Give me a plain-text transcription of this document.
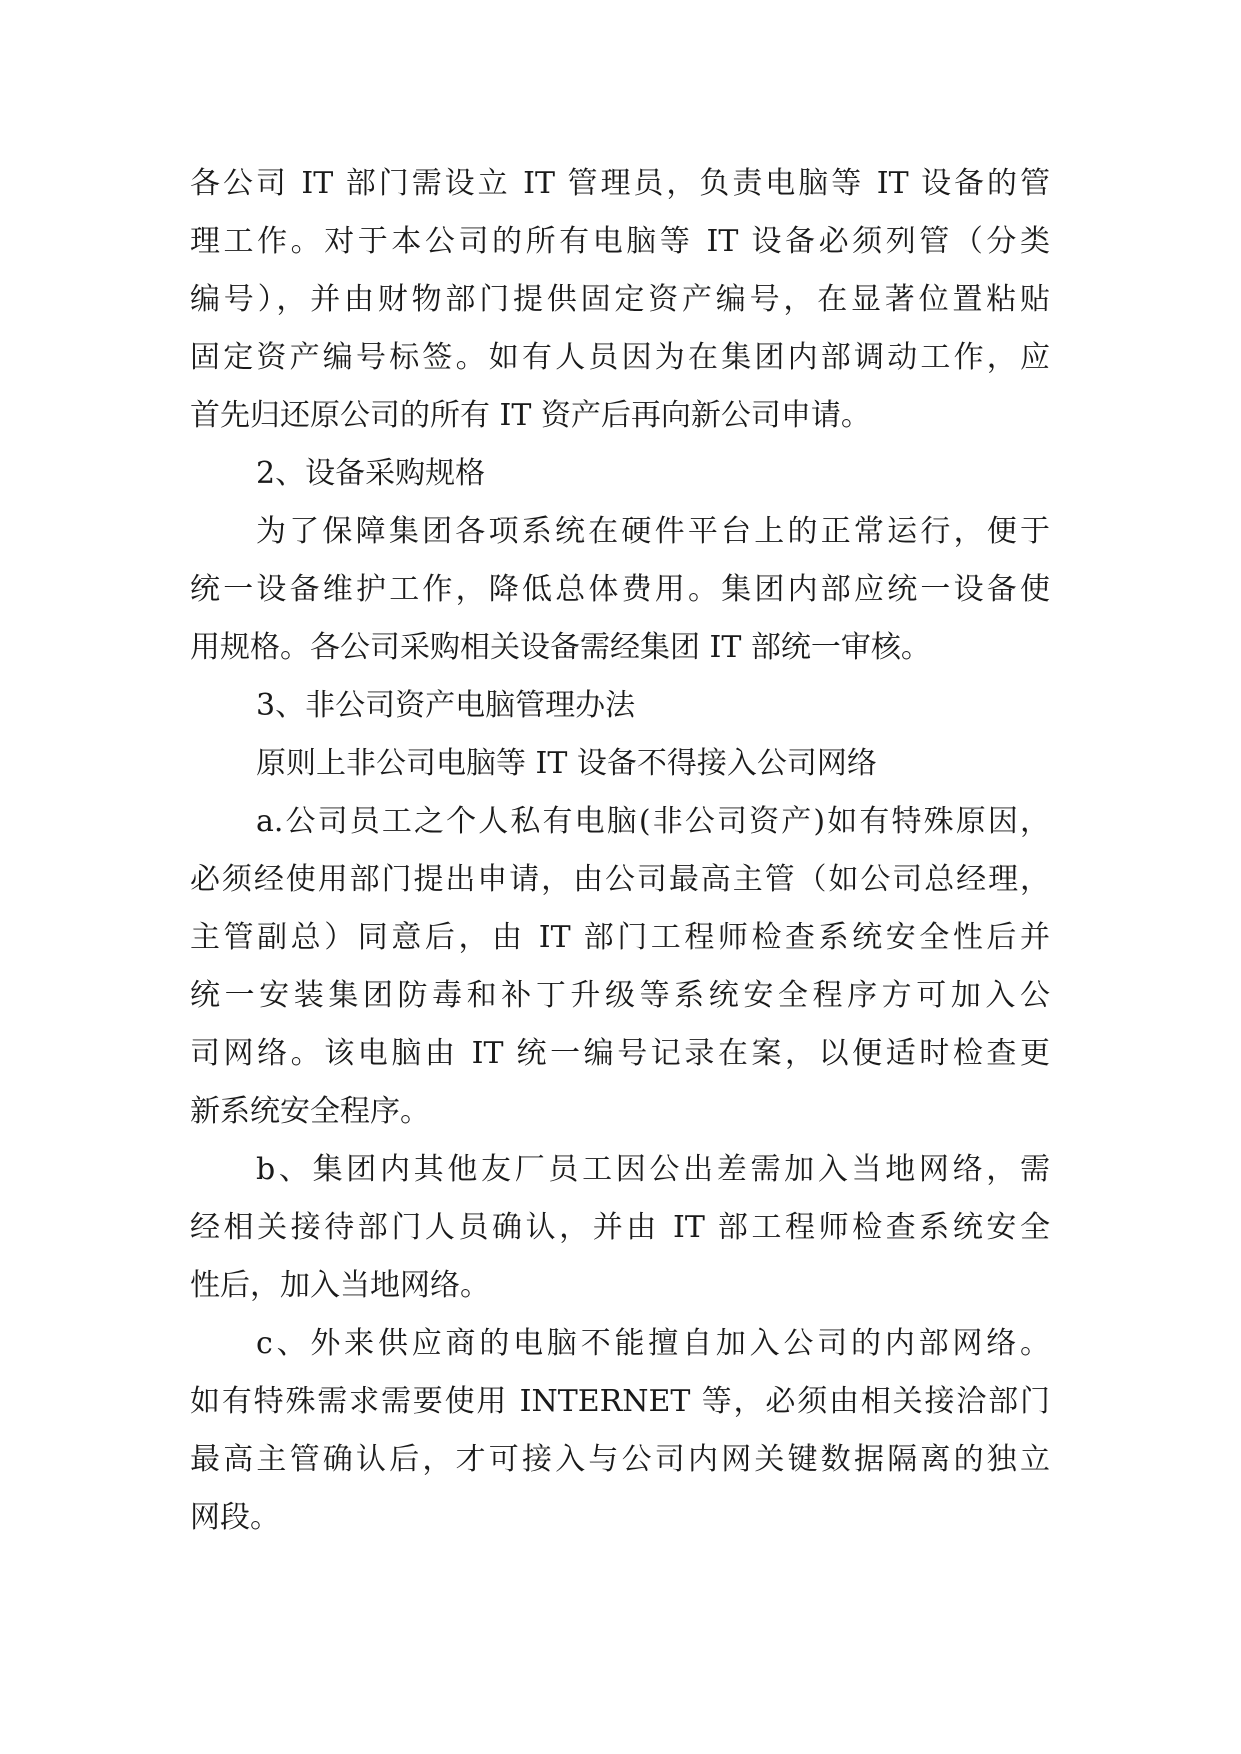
各公司 IT 部门需设立 IT 管理员，负责电脑等 IT 设备的管

理工作。对于本公司的所有电脑等 IT 设备必须列管（分类

编号），并由财物部门提供固定资产编号，在显著位置粘贴

固定资产编号标签。如有人员因为在集团内部调动工作，应

首先归还原公司的所有 IT 资产后再向新公司申请。

2、设备采购规格

为了保障集团各项系统在硬件平台上的正常运行，便于

统一设备维护工作，降低总体费用。集团内部应统一设备使

用规格。各公司采购相关设备需经集团 IT 部统一审核。

3、非公司资产电脑管理办法

原则上非公司电脑等 IT 设备不得接入公司网络

a.公司员工之个人私有电脑(非公司资产)如有特殊原因，

必须经使用部门提出申请，由公司最高主管（如公司总经理，

主管副总）同意后，由 IT 部门工程师检查系统安全性后并

统一安装集团防毒和补丁升级等系统安全程序方可加入公

司网络。该电脑由 IT 统一编号记录在案，以便适时检查更

新系统安全程序。

b、集团内其他友厂员工因公出差需加入当地网络，需

经相关接待部门人员确认，并由 IT 部工程师检查系统安全

性后，加入当地网络。

c、外来供应商的电脑不能擅自加入公司的内部网络。

如有特殊需求需要使用 INTERNET 等，必须由相关接洽部门

最高主管确认后，才可接入与公司内网关键数据隔离的独立

网段。
